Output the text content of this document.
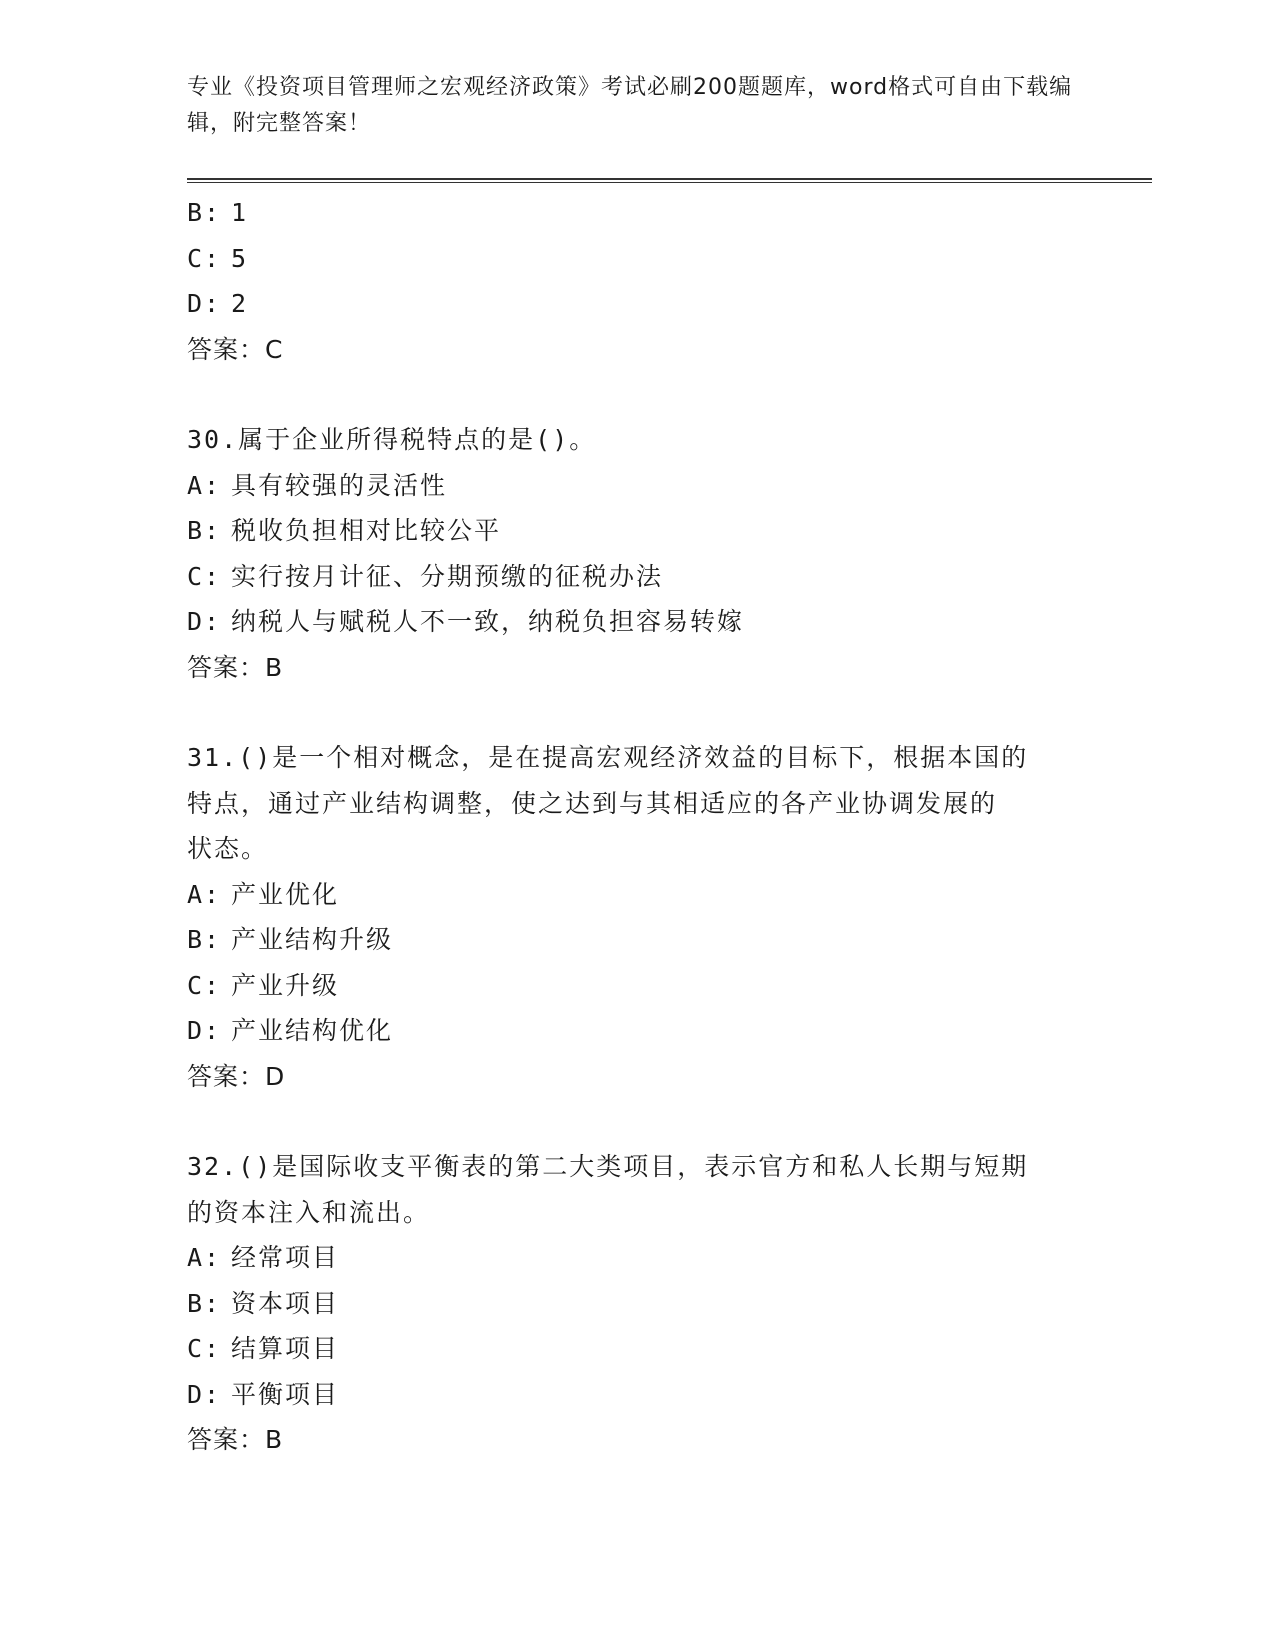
专业《投资项目管理师之宏观经济政策》考试必刷200题题库，word格式可自由下载编辑，附完整答案！
B: 1
C: 5
D: 2
答案：C
30.属于企业所得税特点的是()。
A: 具有较强的灵活性
B: 税收负担相对比较公平
C: 实行按月计征、分期预缴的征税办法
D: 纳税人与赋税人不一致，纳税负担容易转嫁
答案：B
31.()是一个相对概念，是在提高宏观经济效益的目标下，根据本国的
特点，通过产业结构调整，使之达到与其相适应的各产业协调发展的
状态。
A: 产业优化
B: 产业结构升级
C: 产业升级
D: 产业结构优化
答案：D
32.()是国际收支平衡表的第二大类项目，表示官方和私人长期与短期
的资本注入和流出。
A: 经常项目
B: 资本项目
C: 结算项目
D: 平衡项目
答案：B
